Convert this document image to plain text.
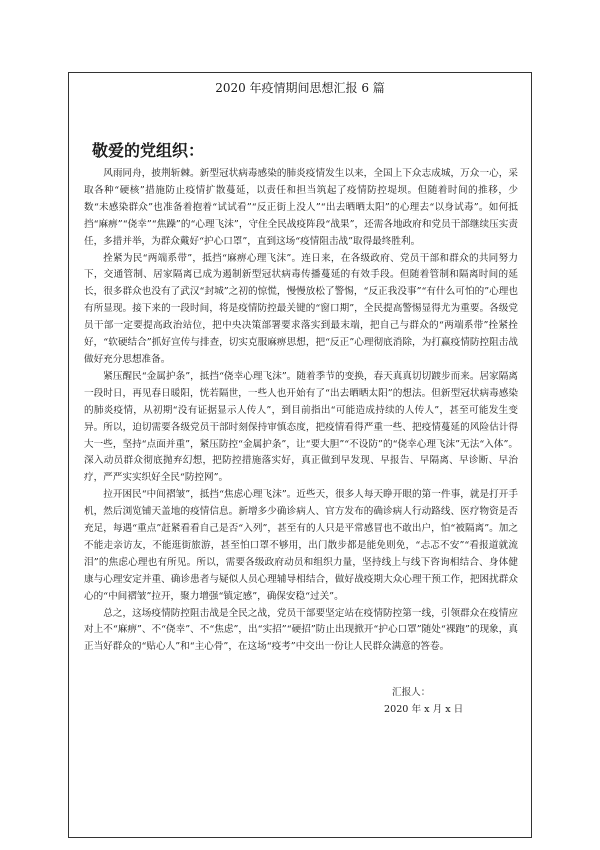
2020 年疫情期间思想汇报 6 篇
敬爱的党组织：

风雨同舟，披荆斩棘。新型冠状病毒感染的肺炎疫情发生以来，全国上下众志成城，万众一心，采取各种“硬核”措施防止疫情扩散蔓延，以责任和担当筑起了疫情防控堤坝。但随着时间的推移，少数“未感染群众”也准备着抱着“试试看”“反正街上没人”“出去晒晒太阳”的心理去“以身试毒”。如何抵挡“麻痹”“侥幸”“焦躁”的“心理飞沫”，守住全民战疫阵段“战果”，还需各地政府和党员干部继续压实责任，多措并举，为群众戴好“护心口罩”，直到这场“疫情阻击战”取得最终胜利。

拴紧为民“两端系带”，抵挡“麻痹心理飞沫”。连日来，在各级政府、党员干部和群众的共同努力下，交通管制、居家隔离已成为遏制新型冠状病毒传播蔓延的有效手段。但随着管制和隔离时间的延长，很多群众也没有了武汉“封城”之初的惊慌，慢慢放松了警惕，“反正我没事”“有什么可怕的”心理也有所显现。接下来的一段时间，将是疫情防控最关键的“窗口期”，全民提高警惕显得尤为重要。各级党员干部一定要提高政治站位，把中央决策部署要求落实到最末端，把自己与群众的“两端系带”拴紧拴好，“软硬结合”抓好宣传与排查，切实克服麻痹思想，把“反正”心理彻底消除，为打赢疫情防控阻击战做好充分思想准备。

紧压醒民“金属护条”，抵挡“侥幸心理飞沫”。随着季节的变换，春天真真切切踱步而来。居家隔离一段时日，再见春日暖阳，恍若隔世，一些人也开始有了“出去晒晒太阳”的想法。但新型冠状病毒感染的肺炎疫情，从初期“没有证据显示人传人”，到目前指出“可能造成持续的人传人”，甚至可能发生变异。所以，迫切需要各级党员干部时刻保持审慎态度，把疫情看得严重一些、把疫情蔓延的风险估计得大一些，坚持“点面并重”，紧压防控“金属护条”，让“要大胆”“不设防”的“侥幸心理飞沫”无法“入体”。深入动员群众彻底抛弃幻想，把防控措施落实好，真正做到早发现、早报告、早隔离、早诊断、早治疗，严严实实织好全民“防控网”。

拉开困民“中间褶皱”，抵挡“焦虑心理飞沫”。近些天，很多人每天睁开眼的第一件事，就是打开手机，然后浏览铺天盖地的疫情信息。新增多少确诊病人、官方发布的确诊病人行动路线、医疗物资是否充足，每遇“重点”赶紧看看自己是否“入列”，甚至有的人只是平常感冒也不敢出户，怕“被隔离”。加之不能走亲访友，不能逛街旅游，甚至怕口罩不够用，出门散步都是能免则免，“忐忑不安”“看报道就流泪”的焦虑心理也有所见。所以，需要各级政府动员和组织力量，坚持线上与线下咨询相结合、身体健康与心理安定并重、确诊患者与疑似人员心理辅导相结合，做好战疫期大众心理干预工作，把困扰群众心的“中间褶皱”拉开，聚力增强“镇定感”，确保安稳“过关”。

总之，这场疫情防控阻击战是全民之战，党员干部要坚定站在疫情防控第一线，引领群众在疫情应对上不“麻痹”、不“侥幸”、不“焦虑”，出“实招”“硬招”防止出现掀开“护心口罩”随处“裸跑”的现象，真正当好群众的“贴心人”和“主心骨”，在这场“疫考”中交出一份让人民群众满意的答卷。

汇报人：
2020 年 x 月 x 日
